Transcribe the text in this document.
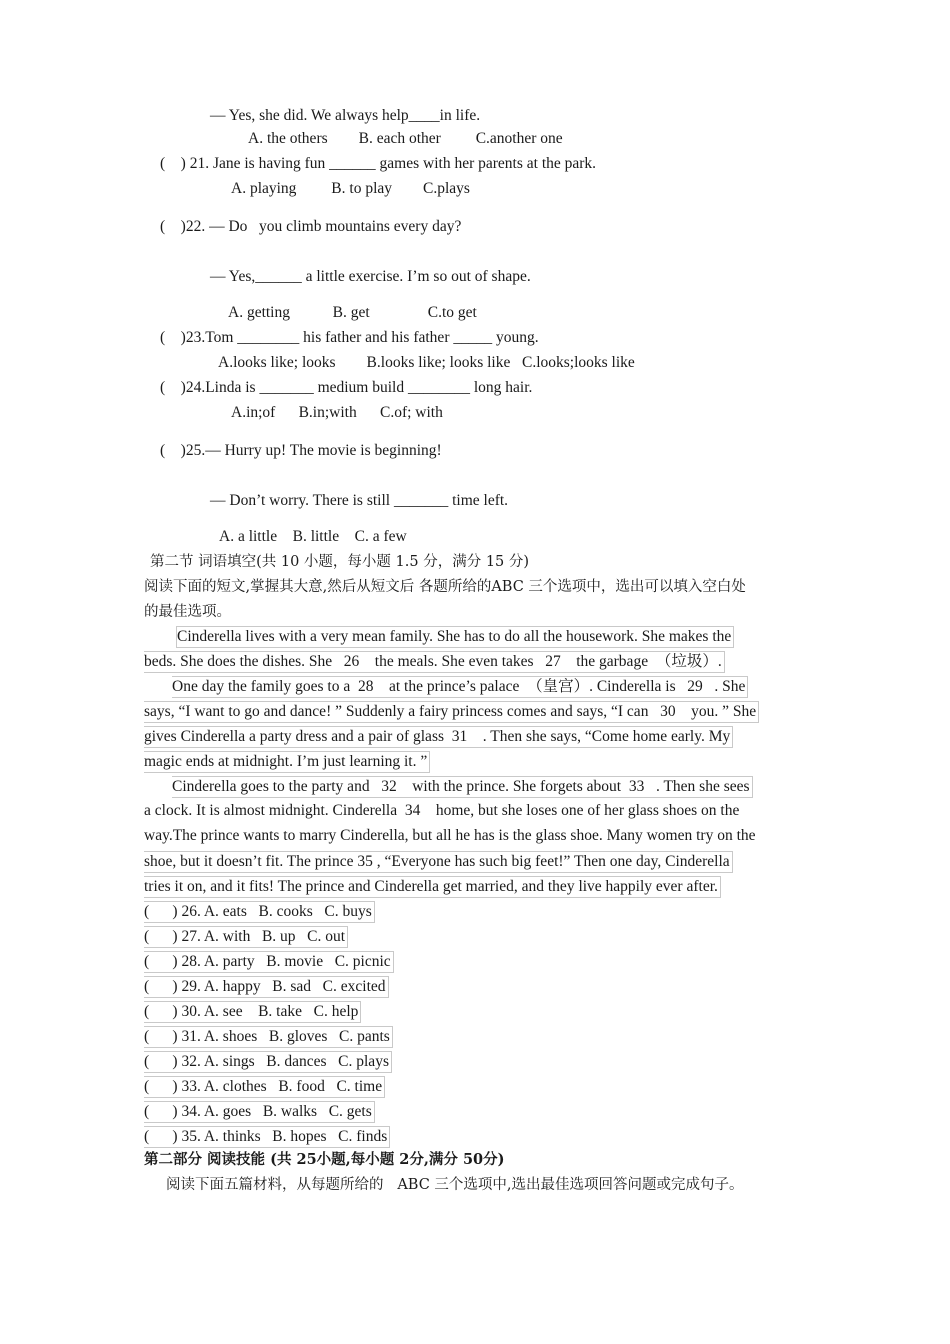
— Yes, she did. We always help____in life.
A. the others        B. each other         C.another one
(    ) 21. Jane is having fun ______ games with her parents at the park.
A. playing         B. to play        C.plays
(    )22. — Do   you climb mountains every day?
— Yes,______ a little exercise. I’m so out of shape.
A. getting           B. get               C.to get
(    )23.Tom ________ his father and his father _____ young.
A.looks like; looks        B.looks like; looks like   C.looks;looks like
(    )24.Linda is _______ medium build ________ long hair.
A.in;of      B.in;with      C.of; with
(    )25.— Hurry up! The movie is beginning!
— Don’t worry. There is still _______ time left.
A. a little    B. little    C. a few
第二节 词语填空(共 10 小题，每小题 1.5 分，满分 15 分)
阅读下面的短文,掌握其大意,然后从短文后 各题所给的ABC 三个选项中，选出可以填入空白处
的最佳选项。
Cinderella lives with a very mean family. She has to do all the housework. She makes the
beds. She does the dishes. She   26    the meals. She even takes   27    the garbage  （垃圾）.
One day the family goes to a  28    at the prince’s palace  （皇宫）. Cinderella is   29   . She
says, “I want to go and dance! ” Suddenly a fairy princess comes and says, “I can   30    you. ” She
gives Cinderella a party dress and a pair of glass  31    . Then she says, “Come home early. My
magic ends at midnight. I’m just learning it. ”
Cinderella goes to the party and   32    with the prince. She forgets about  33   . Then she sees
a clock. It is almost midnight. Cinderella  34    home, but she loses one of her glass shoes on the
way.The prince wants to marry Cinderella, but all he has is the glass shoe. Many women try on the
shoe, but it doesn’t fit. The prince 35 , “Everyone has such big feet!” Then one day, Cinderella
tries it on, and it fits! The prince and Cinderella get married, and they live happily ever after.
(      ) 26. A. eats   B. cooks   C. buys
(      ) 27. A. with   B. up   C. out
(      ) 28. A. party   B. movie   C. picnic
(      ) 29. A. happy   B. sad   C. excited
(      ) 30. A. see    B. take   C. help
(      ) 31. A. shoes   B. gloves   C. pants
(      ) 32. A. sings   B. dances   C. plays
(      ) 33. A. clothes   B. food   C. time
(      ) 34. A. goes   B. walks   C. gets
(      ) 35. A. thinks   B. hopes   C. finds
第二部分 阅读技能 (共 25小题,每小题 2分,满分 50分)
阅读下面五篇材料，从每题所给的   ABC 三个选项中,选出最佳选项回答问题或完成句子。
